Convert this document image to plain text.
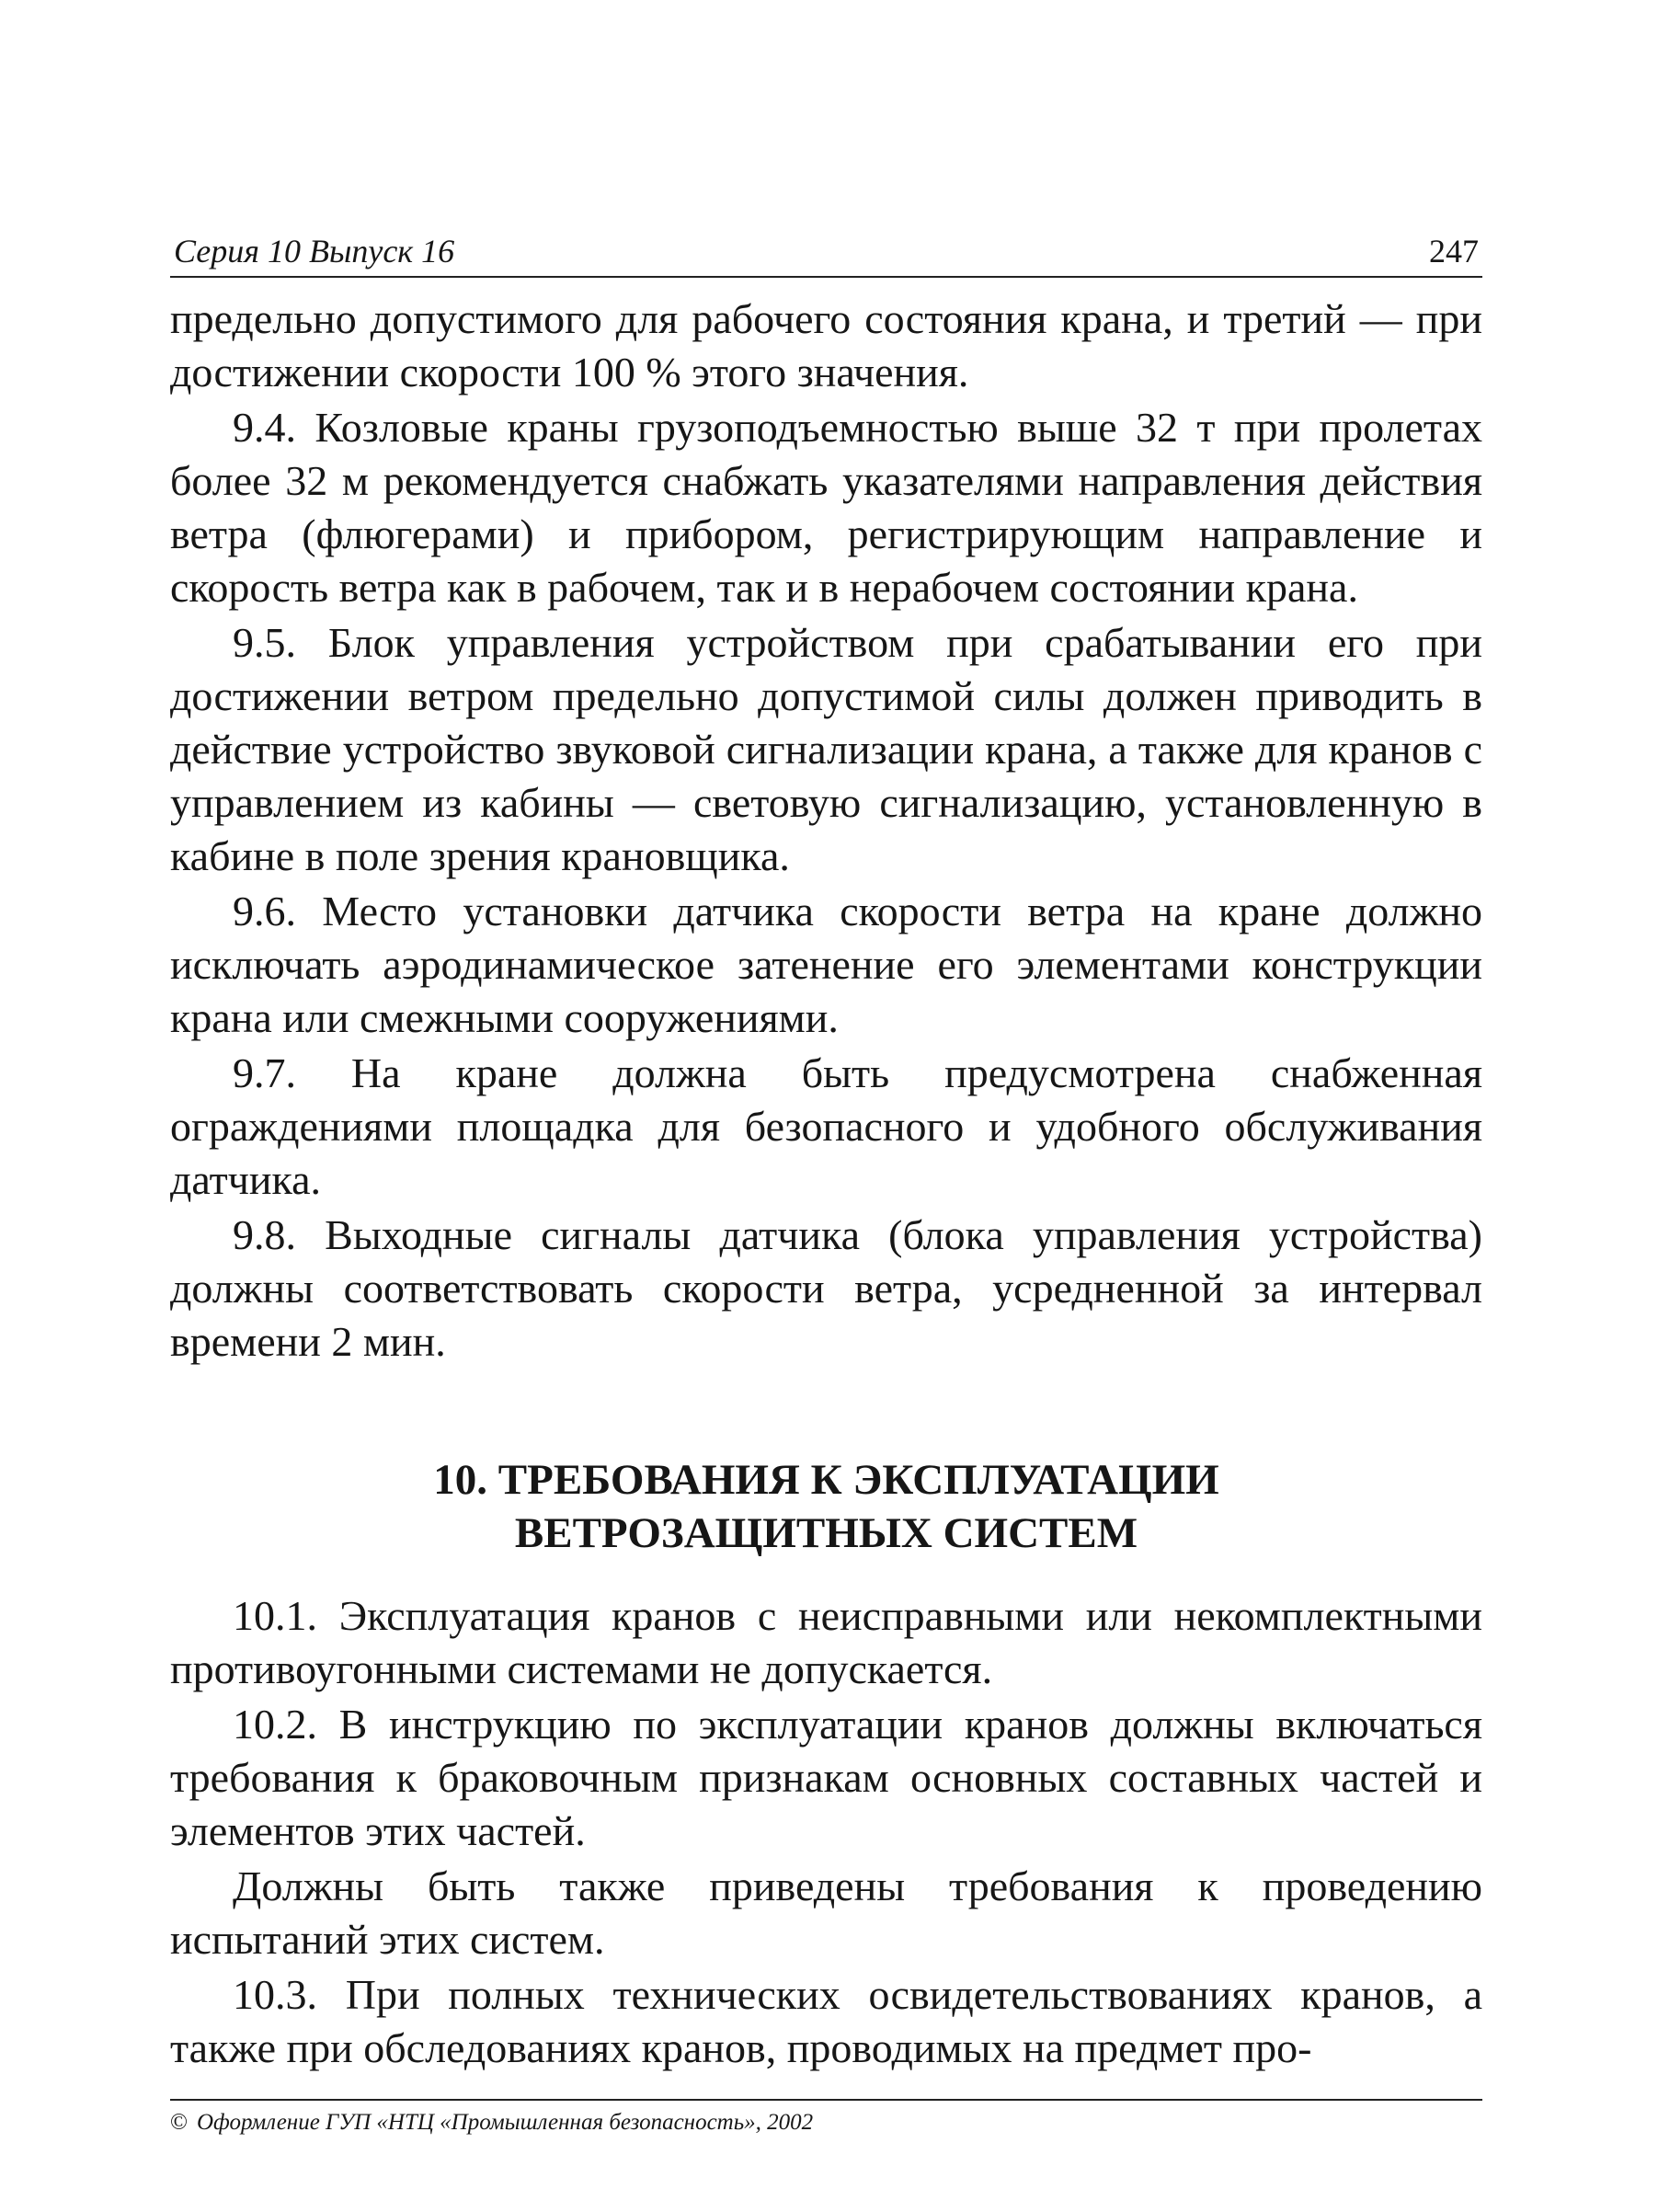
Серия 10 Выпуск 16	247

предельно допустимого для рабочего состояния крана, и третий — при достижении скорости 100 % этого значения.

9.4. Козловые краны грузоподъемностью выше 32 т при пролетах более 32 м рекомендуется снабжать указателями направления действия ветра (флюгерами) и прибором, регистрирующим направление и скорость ветра как в рабочем, так и в нерабочем состоянии крана.

9.5. Блок управления устройством при срабатывании его при достижении ветром предельно допустимой силы должен приводить в действие устройство звуковой сигнализации крана, а также для кранов с управлением из кабины — световую сигнализацию, установленную в кабине в поле зрения крановщика.

9.6. Место установки датчика скорости ветра на кране должно исключать аэродинамическое затенение его элементами конструкции крана или смежными сооружениями.

9.7. На кране должна быть предусмотрена снабженная ограждениями площадка для безопасного и удобного обслуживания датчика.

9.8. Выходные сигналы датчика (блока управления устройства) должны соответствовать скорости ветра, усредненной за интервал времени 2 мин.

10. ТРЕБОВАНИЯ К ЭКСПЛУАТАЦИИ
ВЕТРОЗАЩИТНЫХ СИСТЕМ

10.1. Эксплуатация кранов с неисправными или некомплектными противоугонными системами не допускается.

10.2. В инструкцию по эксплуатации кранов должны включаться требования к браковочным признакам основных составных частей и элементов этих частей.

Должны быть также приведены требования к проведению испытаний этих систем.

10.3. При полных технических освидетельствованиях кранов, а также при обследованиях кранов, проводимых на предмет про-

© Оформление ГУП «НТЦ «Промышленная безопасность», 2002
